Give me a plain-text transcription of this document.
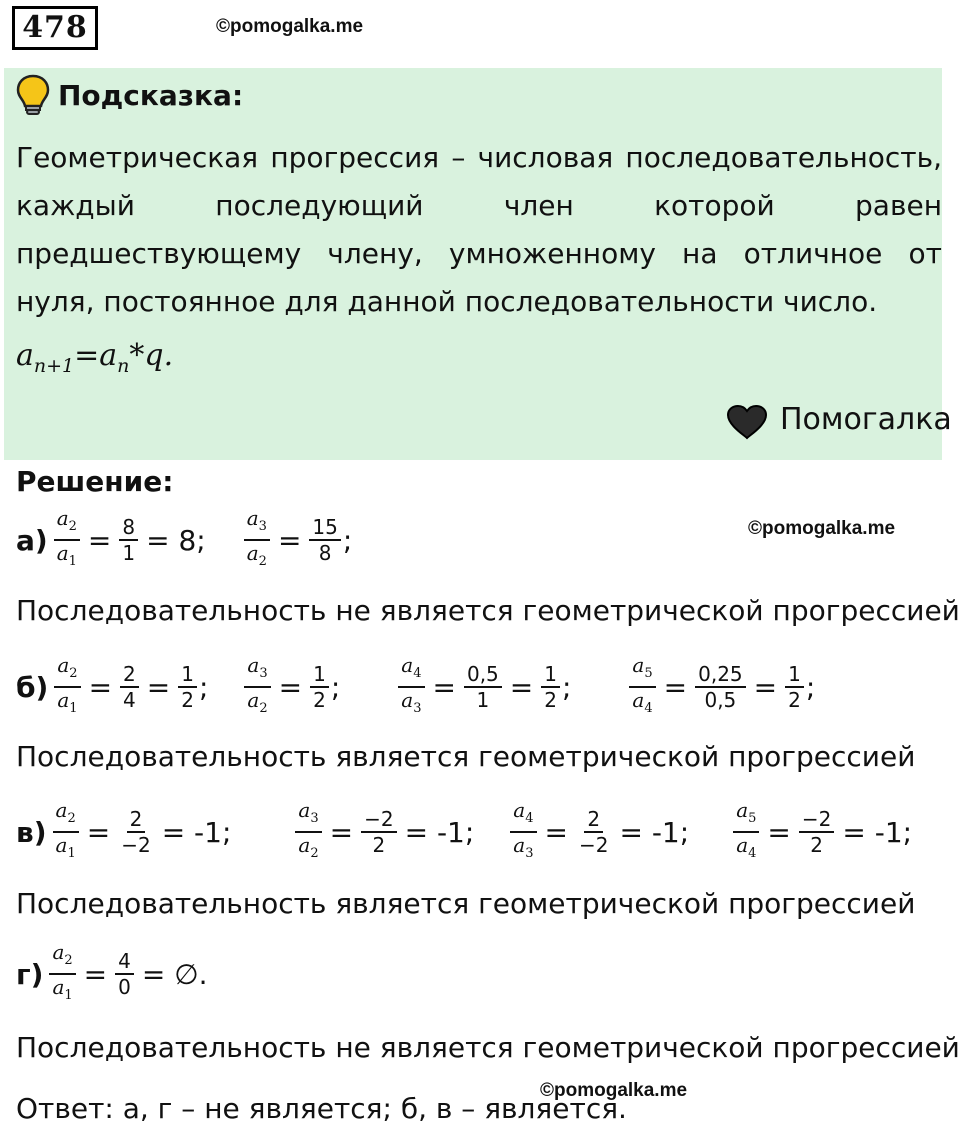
478	©pomogalka.me
Подсказка:
Геометрическая прогрессия – числовая последовательность, каждый последующий член которой равен предшествующему члену, умноженному на отличное от нуля, постоянное для данной последовательности число.
$a_{n+1}=a_n*q$.
Помогалка
Решение:
$а) \frac{a_2}{a_1} = \frac{8}{1} = 8$; $\frac{a_3}{a_2} = \frac{15}{8}$ ;	©pomogalka.me
Последовательность не является геометрической прогрессией
$б) \frac{a_2}{a_1} = \frac{2}{4} = \frac{1}{2}$ ; $\frac{a_3}{a_2} = \frac{1}{2}$ ;	$\frac{a_4}{a_3} = \frac{0,5}{1} = \frac{1}{2}$ ;	$\frac{a_5}{a_4} = \frac{0,25}{0,5} = \frac{1}{2}$ ;
Последовательность является геометрической прогрессией
$в) \frac{a_2}{a_1} = \frac{2}{-2} = -1$;	$\frac{a_3}{a_2} = \frac{-2}{2} = -1$; $\frac{a_4}{a_3} = \frac{2}{-2} = -1$; $\frac{a_5}{a_4} = \frac{-2}{2} = -1$;
Последовательность является геометрической прогрессией
$г) \frac{a_2}{a_1} = \frac{4}{0}$ = ∅.
Последовательность не является геометрической прогрессией
©pomogalka.me
Ответ: а, г – не является; б, в – является.
